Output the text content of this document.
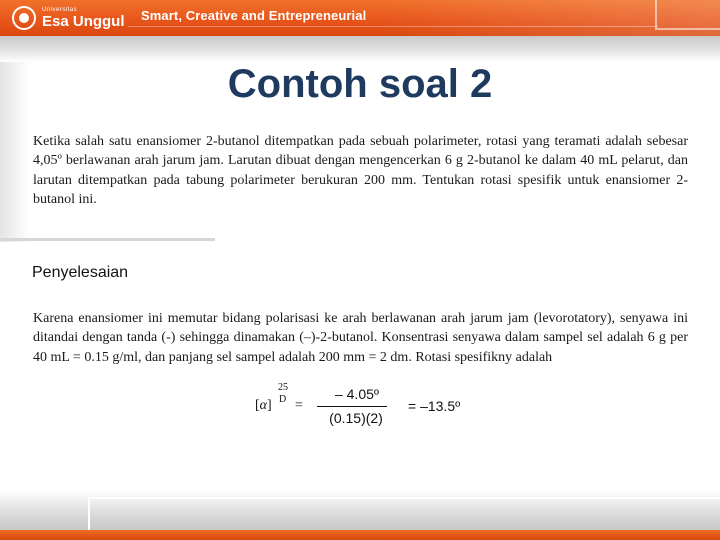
Universitas
Esa Unggul Smart, Creative and Entrepreneurial
Contoh soal 2

Ketika salah satu enansiomer 2-butanol ditempatkan pada sebuah polarimeter, rotasi yang teramati adalah sebesar 4,05º berlawanan arah jarum jam. Larutan dibuat dengan mengencerkan 6 g 2-butanol ke dalam 40 mL pelarut, dan larutan ditempatkan pada tabung polarimeter berukuran 200 mm. Tentukan rotasi spesifik untuk enansiomer 2-butanol ini.

Penyelesaian

Karena enansiomer ini memutar bidang polarisasi ke arah berlawanan arah jarum jam (levorotatory), senyawa ini ditandai dengan tanda (-) sehingga dinamakan (–)-2-butanol. Konsentrasi senyawa dalam sampel sel adalah 6 g per 40 mL = 0.15 g/ml, dan panjang sel sampel adalah 200 mm = 2 dm. Rotasi spesifikny adalah

[α]
25
D =
– 4.05º
(0.15)(2)
= –13.5º
